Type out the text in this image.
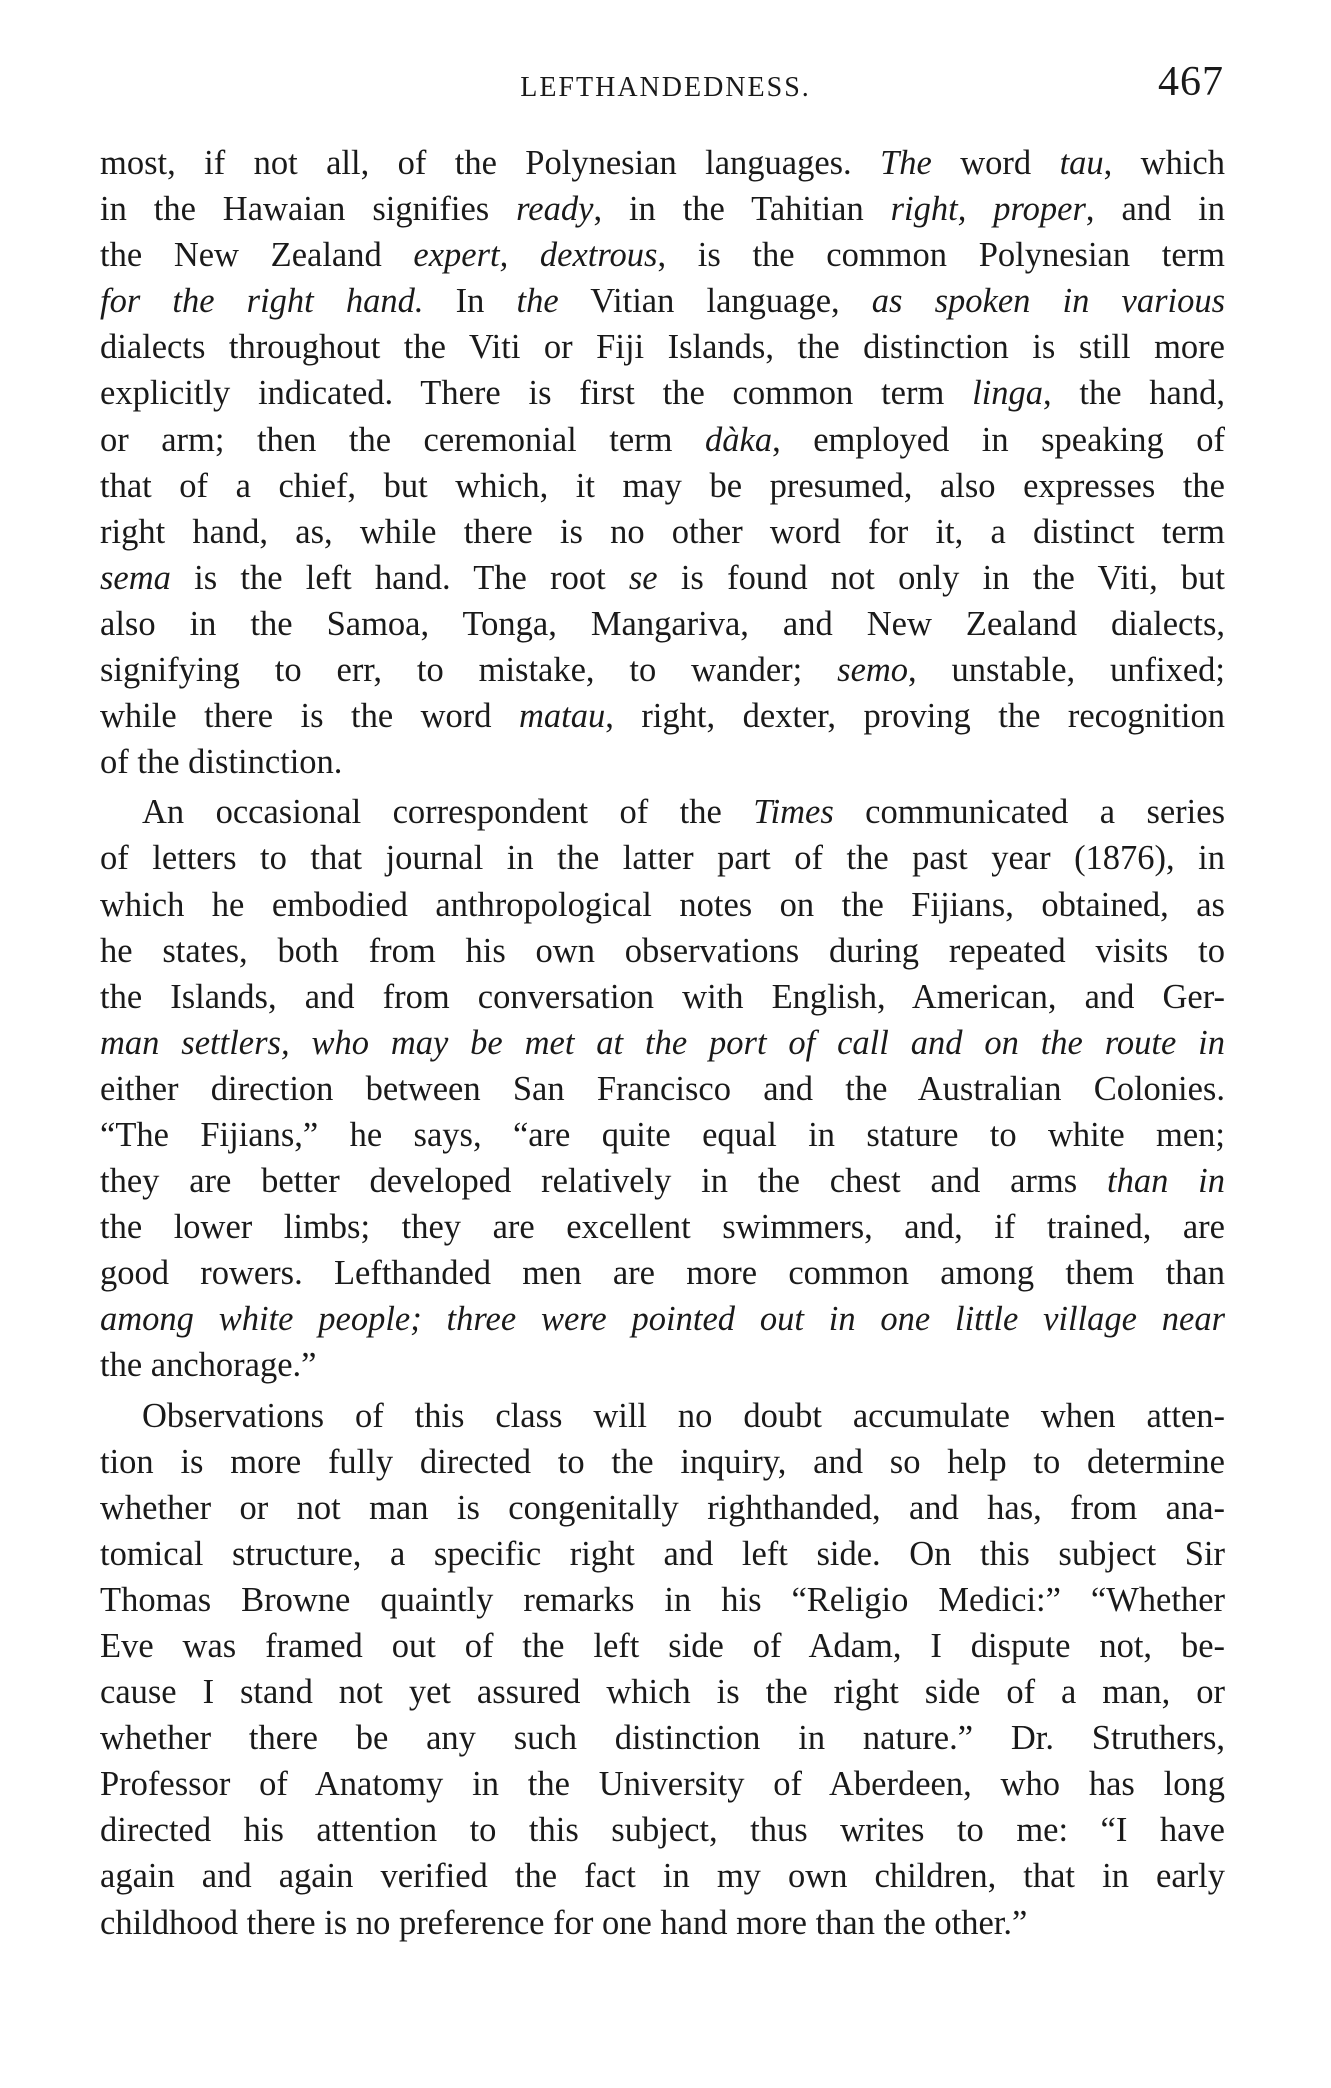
LEFTHANDEDNESS.	467
most, if not all, of the Polynesian languages. The word tau, which
in the Hawaian signifies ready, in the Tahitian right, proper, and in
the New Zealand expert, dextrous, is the common Polynesian term
for the right hand. In the Vitian language, as spoken in various
dialects throughout the Viti or Fiji Islands, the distinction is still more
explicitly indicated. There is first the common term linga, the hand,
or arm; then the ceremonial term dàka, employed in speaking of
that of a chief, but which, it may be presumed, also expresses the
right hand, as, while there is no other word for it, a distinct term
sema is the left hand. The root se is found not only in the Viti, but
also in the Samoa, Tonga, Mangariva, and New Zealand dialects,
signifying to err, to mistake, to wander; semo, unstable, unfixed;
while there is the word matau, right, dexter, proving the recognition
of the distinction.
An occasional correspondent of the Times communicated a series
of letters to that journal in the latter part of the past year (1876), in
which he embodied anthropological notes on the Fijians, obtained, as
he states, both from his own observations during repeated visits to
the Islands, and from conversation with English, American, and Ger-
man settlers, who may be met at the port of call and on the route in
either direction between San Francisco and the Australian Colonies.
“The Fijians,” he says, “are quite equal in stature to white men;
they are better developed relatively in the chest and arms than in
the lower limbs; they are excellent swimmers, and, if trained, are
good rowers. Lefthanded men are more common among them than
among white people; three were pointed out in one little village near
the anchorage.”
Observations of this class will no doubt accumulate when atten-
tion is more fully directed to the inquiry, and so help to determine
whether or not man is congenitally righthanded, and has, from ana-
tomical structure, a specific right and left side. On this subject Sir
Thomas Browne quaintly remarks in his “Religio Medici:” “Whether
Eve was framed out of the left side of Adam, I dispute not, be-
cause I stand not yet assured which is the right side of a man, or
whether there be any such distinction in nature.” Dr. Struthers,
Professor of Anatomy in the University of Aberdeen, who has long
directed his attention to this subject, thus writes to me: “I have
again and again verified the fact in my own children, that in early
childhood there is no preference for one hand more than the other.”
